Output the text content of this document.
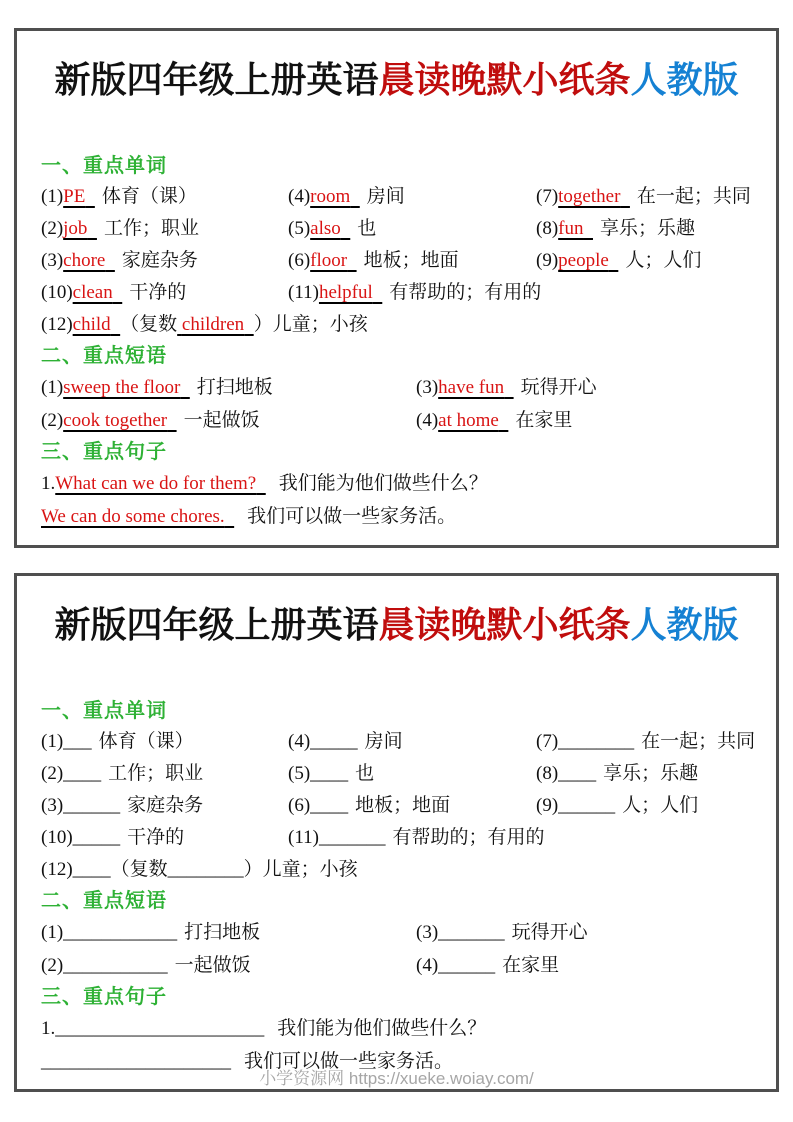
新版四年级上册英语晨读晚默小纸条人教版
一、重点单词
(1)PE 体育（课）	(4)room 房间	(7)together 在一起；共同
(2)job 工作；职业	(5)also 也	(8)fun 享乐；乐趣
(3)chore 家庭杂务	(6)floor 地板；地面	(9)people 人；人们
(10)clean 干净的	(11)helpful 有帮助的；有用的
(12)child （复数 children ）儿童；小孩
二、重点短语
(1)sweep the floor 打扫地板	(3)have fun 玩得开心
(2)cook together 一起做饭	(4)at home 在家里
三、重点句子
1.What can we do for them? 我们能为他们做些什么？
We can do some chores. 我们可以做一些家务活。
新版四年级上册英语晨读晚默小纸条人教版
一、重点单词
(1)___ 体育（课）	(4)_____ 房间	(7)________ 在一起；共同
(2)____ 工作；职业	(5)____ 也	(8)____ 享乐；乐趣
(3)______ 家庭杂务	(6)____ 地板；地面	(9)______ 人；人们
(10)_____ 干净的	(11)_______ 有帮助的；有用的
(12)____（复数________）儿童；小孩
二、重点短语
(1)____________ 打扫地板	(3)_______ 玩得开心
(2)___________ 一起做饭	(4)______ 在家里
三、重点句子
1.______________________ 我们能为他们做些什么？
____________________ 我们可以做一些家务活。
小学资源网 https://xueke.woiay.com/
